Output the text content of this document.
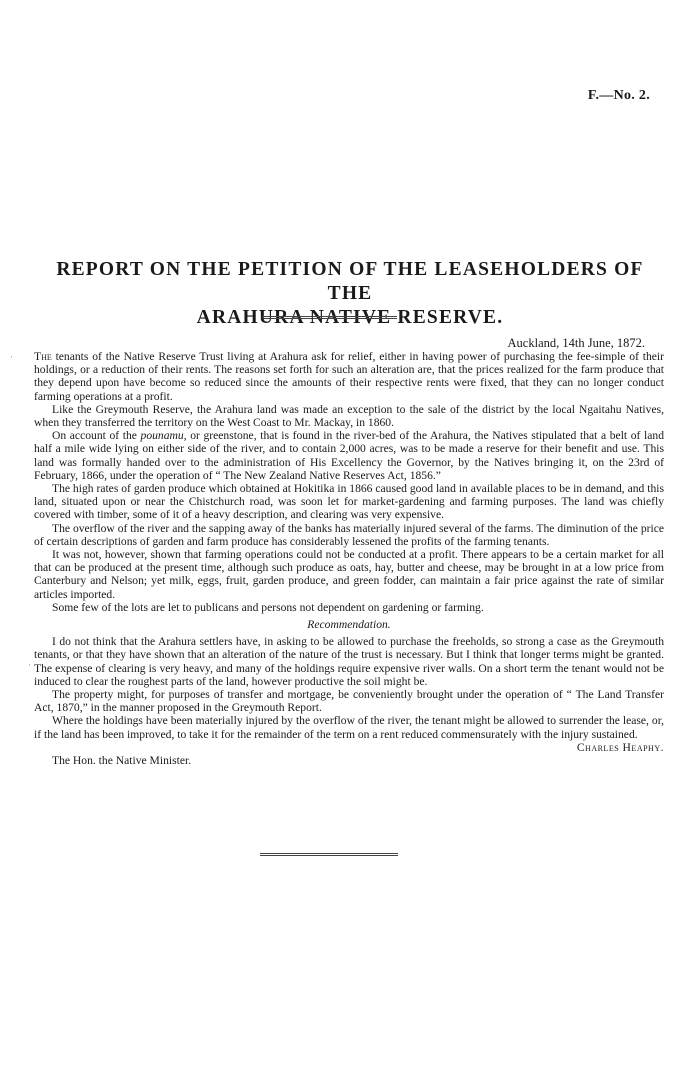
F.—No. 2.
REPORT ON THE PETITION OF THE LEASEHOLDERS OF THE
ARAHURA NATIVE RESERVE.
Auckland, 14th June, 1872.

The tenants of the Native Reserve Trust living at Arahura ask for relief, either in having power of purchasing the fee-simple of their holdings, or a reduction of their rents. The reasons set forth for such an alteration are, that the prices realized for the farm produce that they depend upon have become so reduced since the amounts of their respective rents were fixed, that they can no longer conduct farming operations at a profit.

Like the Greymouth Reserve, the Arahura land was made an exception to the sale of the district by the local Ngaitahu Natives, when they transferred the territory on the West Coast to Mr. Mackay, in 1860.

On account of the pounamu, or greenstone, that is found in the river-bed of the Arahura, the Natives stipulated that a belt of land half a mile wide lying on either side of the river, and to contain 2,000 acres, was to be made a reserve for their benefit and use. This land was formally handed over to the administration of His Excellency the Governor, by the Natives bringing it, on the 23rd of February, 1866, under the operation of “ The New Zealand Native Reserves Act, 1856.”

The high rates of garden produce which obtained at Hokitika in 1866 caused good land in available places to be in demand, and this land, situated upon or near the Chistchurch road, was soon let for market-gardening and farming purposes. The land was chiefly covered with timber, some of it of a heavy description, and clearing was very expensive.

The overflow of the river and the sapping away of the banks has materially injured several of the farms. The diminution of the price of certain descriptions of garden and farm produce has considerably lessened the profits of the farming tenants.

It was not, however, shown that farming operations could not be conducted at a profit. There appears to be a certain market for all that can be produced at the present time, although such produce as oats, hay, butter and cheese, may be brought in at a low price from Canterbury and Nelson; yet milk, eggs, fruit, garden produce, and green fodder, can maintain a fair price against the rate of similar articles imported.

Some few of the lots are let to publicans and persons not dependent on gardening or farming.

Recommendation.

I do not think that the Arahura settlers have, in asking to be allowed to purchase the freeholds, so strong a case as the Greymouth tenants, or that they have shown that an alteration of the nature of the trust is necessary. But I think that longer terms might be granted. The expense of clearing is very heavy, and many of the holdings require expensive river walls. On a short term the tenant would not be induced to clear the roughest parts of the land, however productive the soil might be.

The property might, for purposes of transfer and mortgage, be conveniently brought under the operation of “ The Land Transfer Act, 1870,” in the manner proposed in the Greymouth Report.

Where the holdings have been materially injured by the overflow of the river, the tenant might be allowed to surrender the lease, or, if the land has been improved, to take it for the remainder of the term on a rent reduced commensurately with the injury sustained.

Charles Heaphy.

The Hon. the Native Minister.

·
·
